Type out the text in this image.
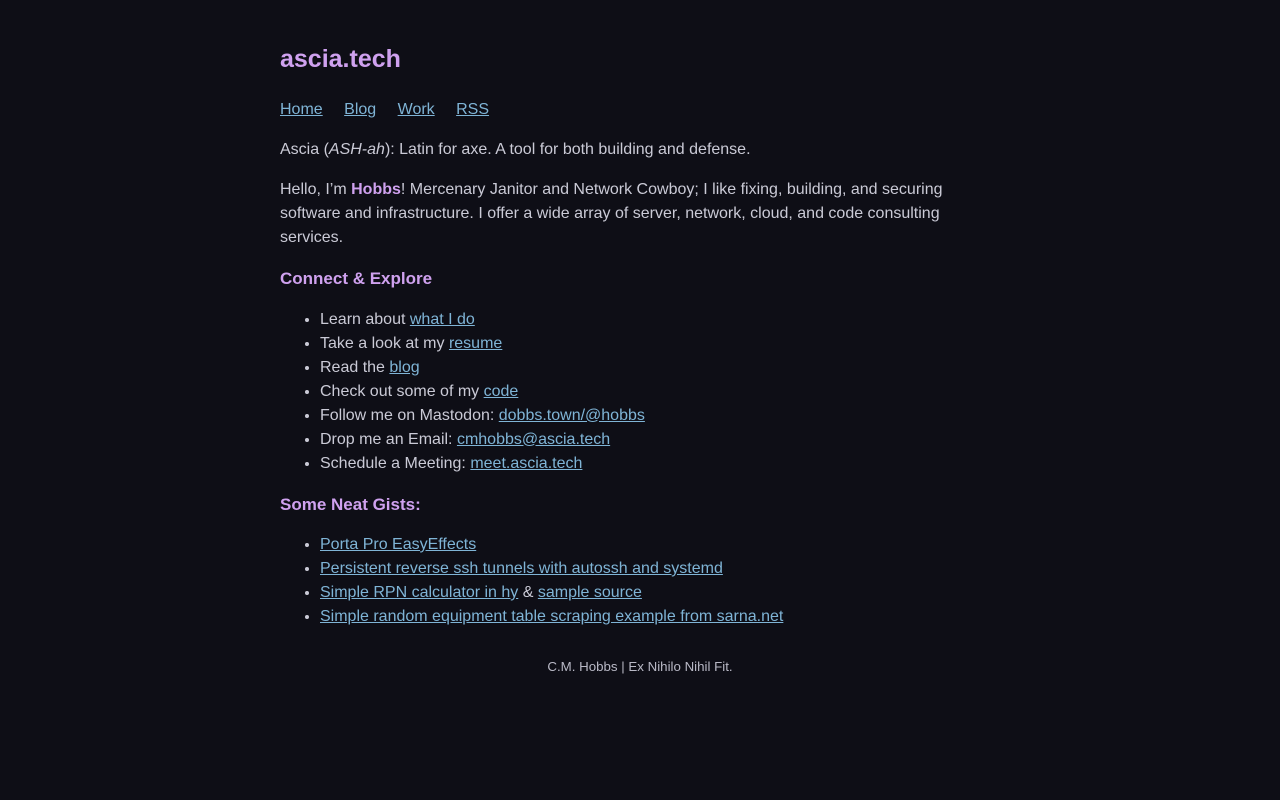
ascia.tech
Home Blog Work RSS

Ascia (ASH-ah): Latin for axe. A tool for both building and defense.

Hello, I’m Hobbs! Mercenary Janitor and Network Cowboy; I like fixing, building, and securing software and infrastructure. I offer a wide array of server, network, cloud, and code consulting services.

Connect & Explore
• Learn about what I do
• Take a look at my resume
• Read the blog
• Check out some of my code
• Follow me on Mastodon: dobbs.town/@hobbs
• Drop me an Email: cmhobbs@ascia.tech
• Schedule a Meeting: meet.ascia.tech
Some Neat Gists:
• Porta Pro EasyEffects
• Persistent reverse ssh tunnels with autossh and systemd
• Simple RPN calculator in hy & sample source
• Simple random equipment table scraping example from sarna.net
C.M. Hobbs | Ex Nihilo Nihil Fit.
